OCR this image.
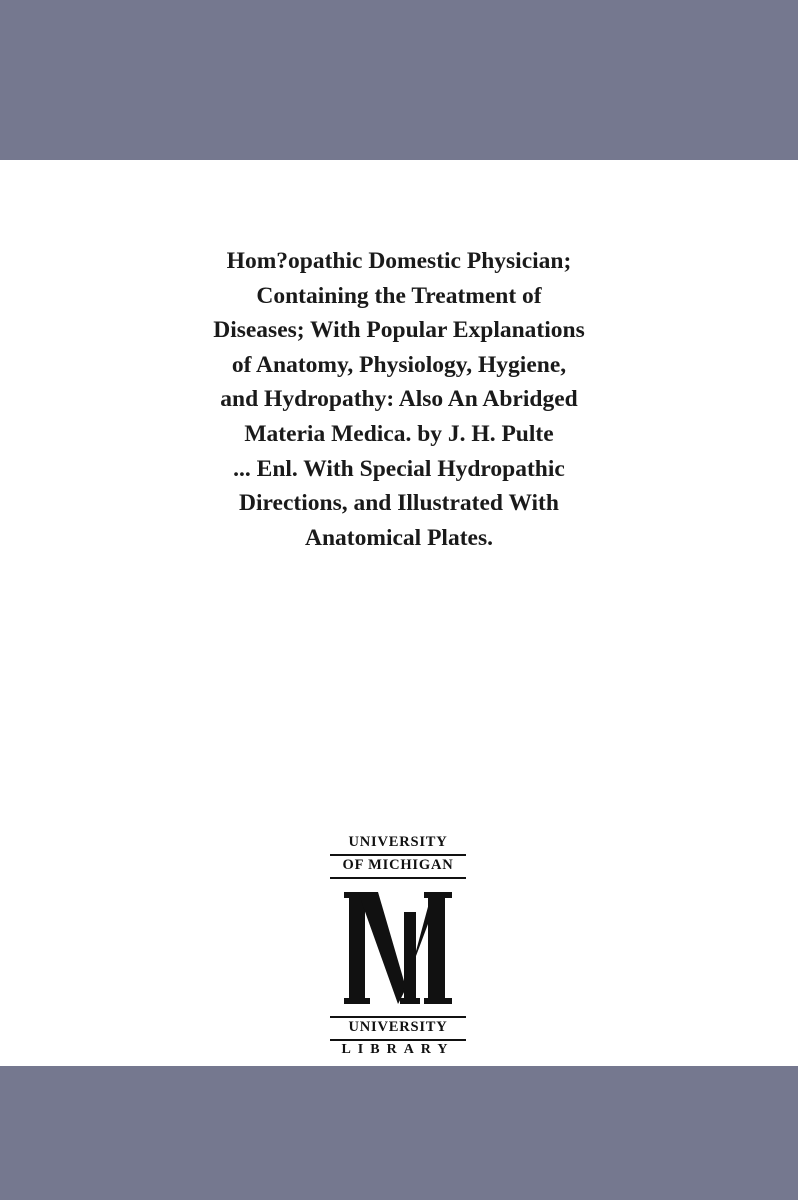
Hom?opathic Domestic Physician;
Containing the Treatment of
Diseases; With Popular Explanations
of Anatomy, Physiology, Hygiene,
and Hydropathy: Also An Abridged
Materia Medica. by J. H. Pulte
... Enl. With Special Hydropathic
Directions, and Illustrated With
Anatomical Plates.
UNIVERSITY
OF MICHIGAN
UNIVERSITY
LIBRARY
